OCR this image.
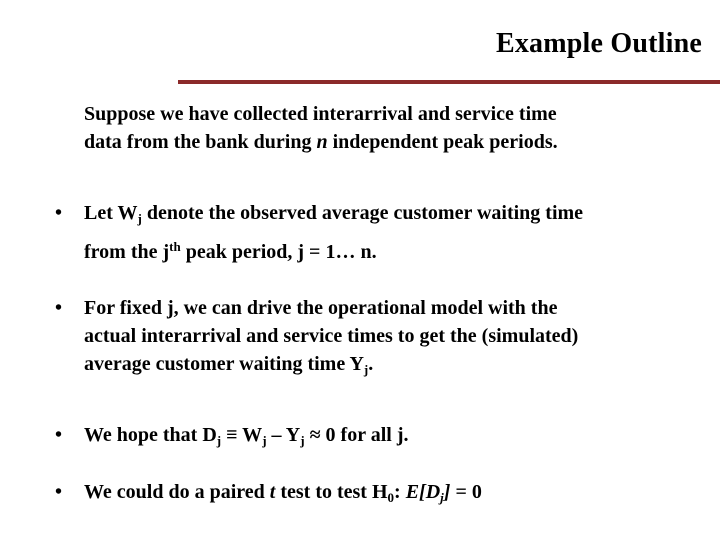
Example Outline
Suppose we have collected interarrival and service time
data from the bank during n independent peak periods.
• Let $W_j$ denote the observed average customer waiting time
from the $j^{th}$ peak period, j = 1… n.
• For fixed j, we can drive the operational model with the
actual interarrival and service times to get the (simulated)
average customer waiting time $Y_j$.
• We hope that $D_j \equiv W_j - Y_j \approx 0$ for all j.
• We could do a paired t test to test $H_0$: $E[D_j] = 0$
